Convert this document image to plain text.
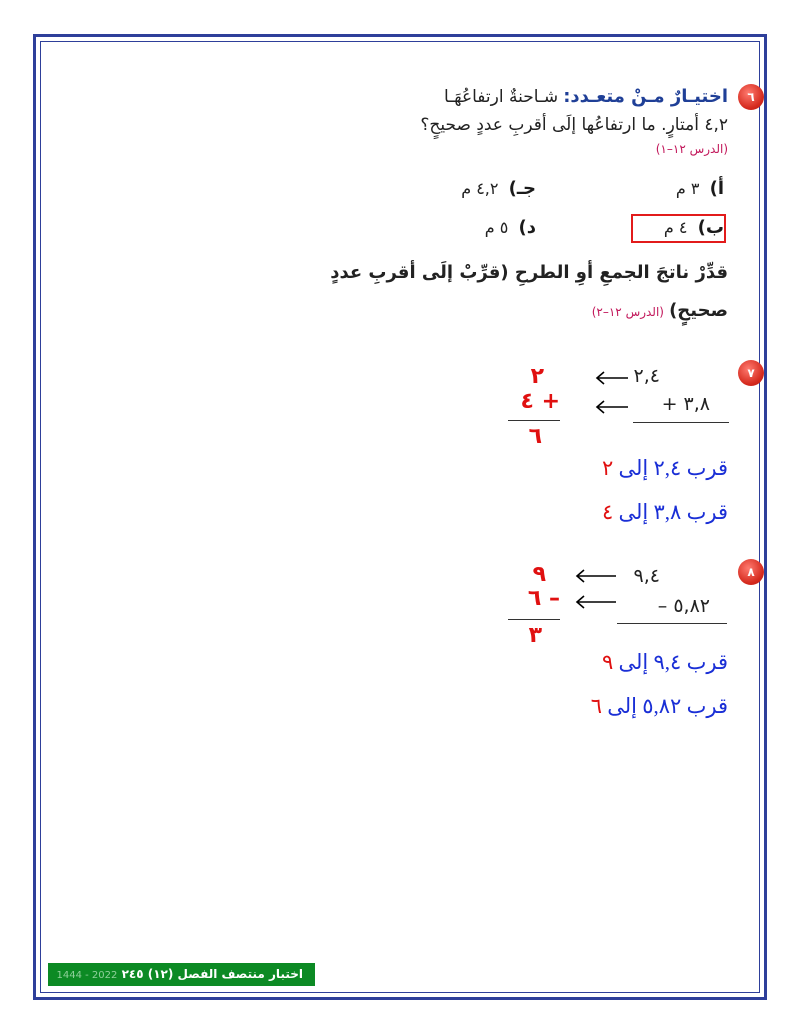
٦
اختيـارٌ مـنْ متعـدد: شـاحنةٌ ارتفاعُهَـا
٤,٢ أمتارٍ. ما ارتفاعُها إلَى أقربِ عددٍ صحيحٍ؟
(الدرس ١٢–١)
أ)  ٣ م
جـ)  ٤,٢ م
ب)  ٤ م
د)  ٥ م
قدِّرْ ناتجَ الجمعِ أوِ الطرحِ (قرِّبْ إلَى أقربِ عددٍ
صحيحٍ) (الدرس ١٢–٢)
٧
٢,٤
٣,٨ +
٢
+ ٤
٦
قرب ٢,٤ إلى ٢
قرب ٣,٨ إلى ٤
٨
٩,٤
٥,٨٢ –
٩
– ٦
٣
قرب ٩,٤ إلى ٩
قرب ٥,٨٢ إلى ٦
اختبار منتصف الفصل (١٢) ٢٤٥ 2022 - 1444
